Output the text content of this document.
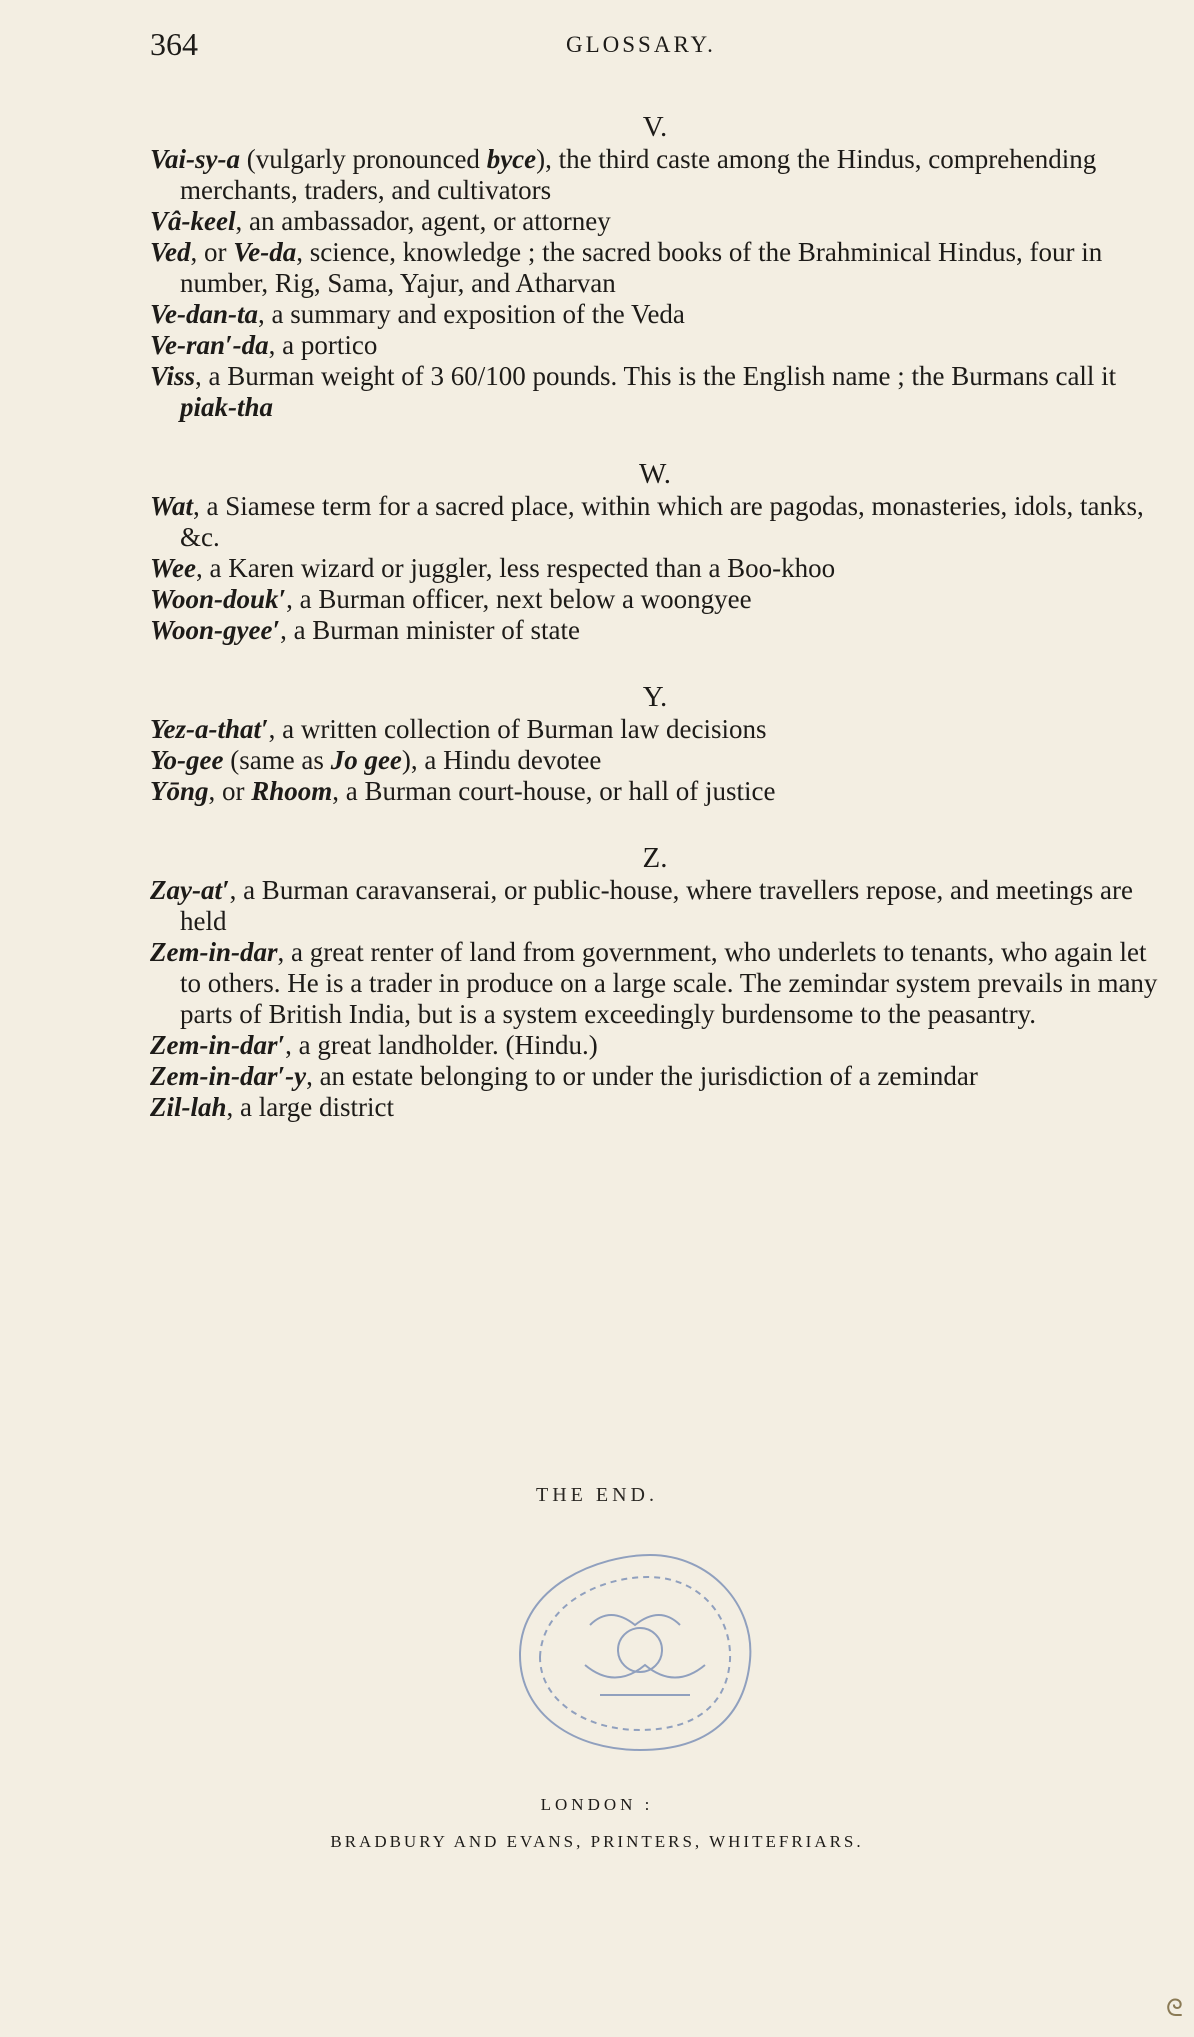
364	GLOSSARY.

V.

Vai-sy-a (vulgarly pronounced byce), the third caste among the Hindus, comprehending merchants, traders, and cultivators

Vâ-keel, an ambassador, agent, or attorney

Ved, or Ve-da, science, knowledge ; the sacred books of the Brahminical Hindus, four in number, Rig, Sama, Yajur, and Atharvan

Ve-dan-ta, a summary and exposition of the Veda

Ve-ran′-da, a portico

Viss, a Burman weight of 3 60/100 pounds. This is the English name ; the Burmans call it piak-tha

W.

Wat, a Siamese term for a sacred place, within which are pagodas, monasteries, idols, tanks, &c.

Wee, a Karen wizard or juggler, less respected than a Boo-khoo

Woon-douk′, a Burman officer, next below a woongyee

Woon-gyee′, a Burman minister of state

Y.

Yez-a-that′, a written collection of Burman law decisions

Yo-gee (same as Jo gee), a Hindu devotee

Yōng, or Rhoom, a Burman court-house, or hall of justice

Z.

Zay-at′, a Burman caravanserai, or public-house, where travellers repose, and meetings are held

Zem-in-dar, a great renter of land from government, who underlets to tenants, who again let to others. He is a trader in produce on a large scale. The zemindar system prevails in many parts of British India, but is a system exceedingly burdensome to the peasantry.

Zem-in-dar′, a great landholder. (Hindu.)

Zem-in-dar′-y, an estate belonging to or under the jurisdiction of a zemindar

Zil-lah, a large district

THE END.
LONDON :
BRADBURY AND EVANS, PRINTERS, WHITEFRIARS.
ᘓ
